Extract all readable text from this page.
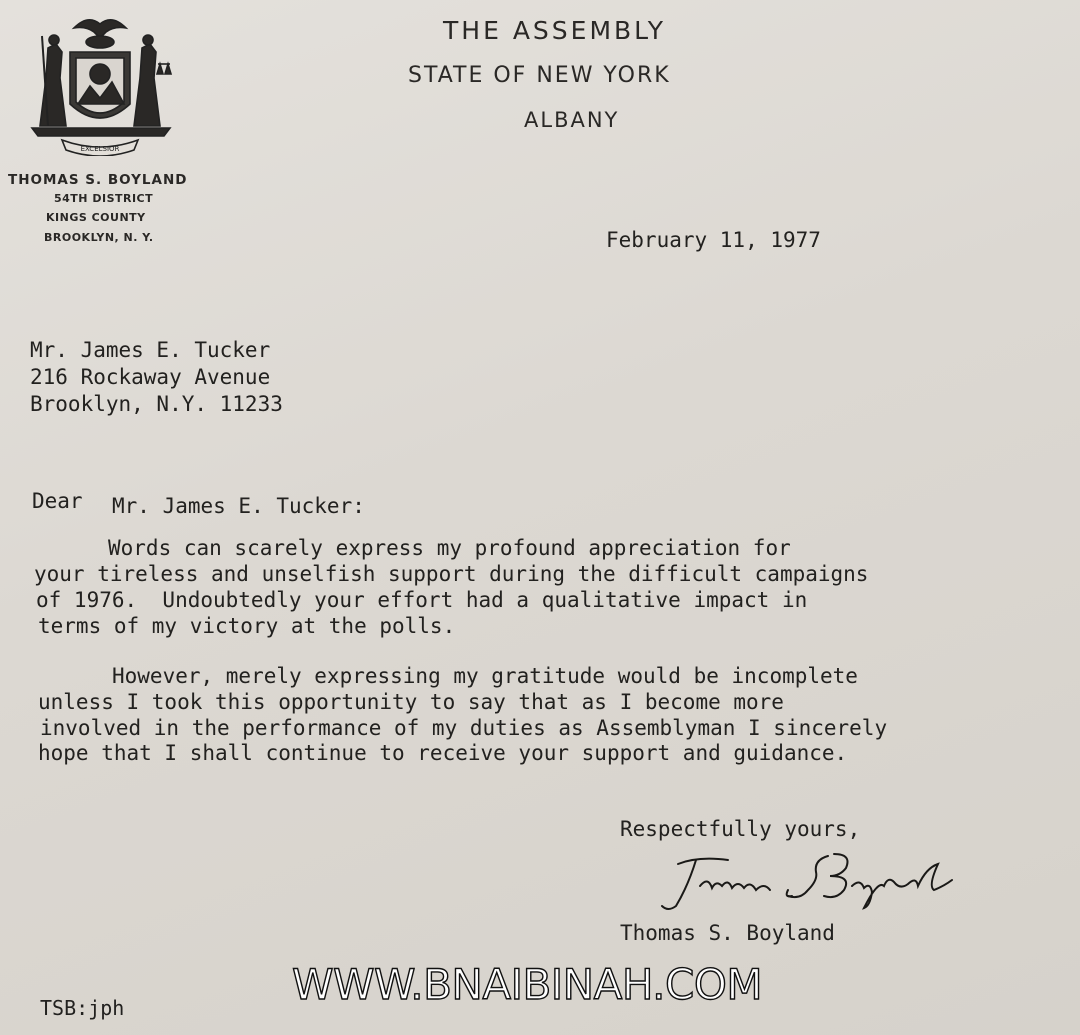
EXCELSIOR
THE ASSEMBLY
STATE OF NEW YORK
ALBANY
THOMAS S. BOYLAND
54TH DISTRICT
KINGS COUNTY
BROOKLYN, N. Y.	February 11, 1977
Mr. James E. Tucker
216 Rockaway Avenue
Brooklyn, N.Y. 11233
Dear Mr. James E. Tucker:
Words can scarely express my profound appreciation for
your tireless and unselfish support during the difficult campaigns
of 1976.  Undoubtedly your effort had a qualitative impact in
terms of my victory at the polls.
However, merely expressing my gratitude would be incomplete
unless I took this opportunity to say that as I become more
involved in the performance of my duties as Assemblyman I sincerely
hope that I shall continue to receive your support and guidance.
Respectfully yours,
Thomas S. Boyland
TSB:jph	WWW.BNAIBINAH.COM
